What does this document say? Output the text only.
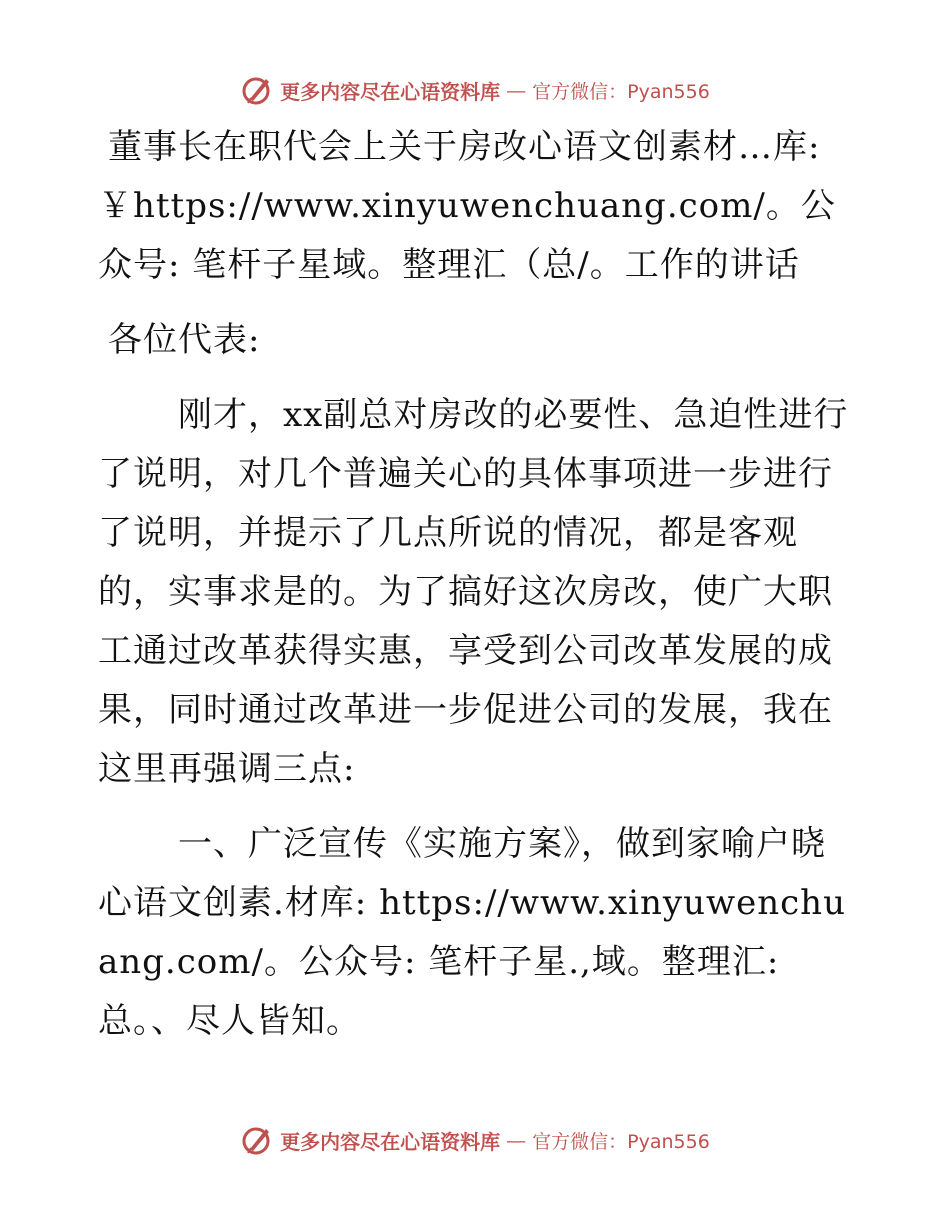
更多内容尽在心语资料库 — 官方微信：Pyan556

董事长在职代会上关于房改心语文创素材…库: ￥https://www.xinyuwenchuang.com/。公众号: 笔杆子星域。整理汇（总/。工作的讲话

各位代表:

刚才，xx副总对房改的必要性、急迫性进行了说明，对几个普遍关心的具体事项进一步进行了说明，并提示了几点所说的情况，都是客观的，实事求是的。为了搞好这次房改，使广大职工通过改革获得实惠，享受到公司改革发展的成果，同时通过改革进一步促进公司的发展，我在这里再强调三点:

一、广泛宣传《实施方案》，做到家喻户晓心语文创素.材库: https://www.xinyuwenchuang.com/。公众号: 笔杆子星.,域。整理汇:总。、尽人皆知。

更多内容尽在心语资料库 — 官方微信：Pyan556
